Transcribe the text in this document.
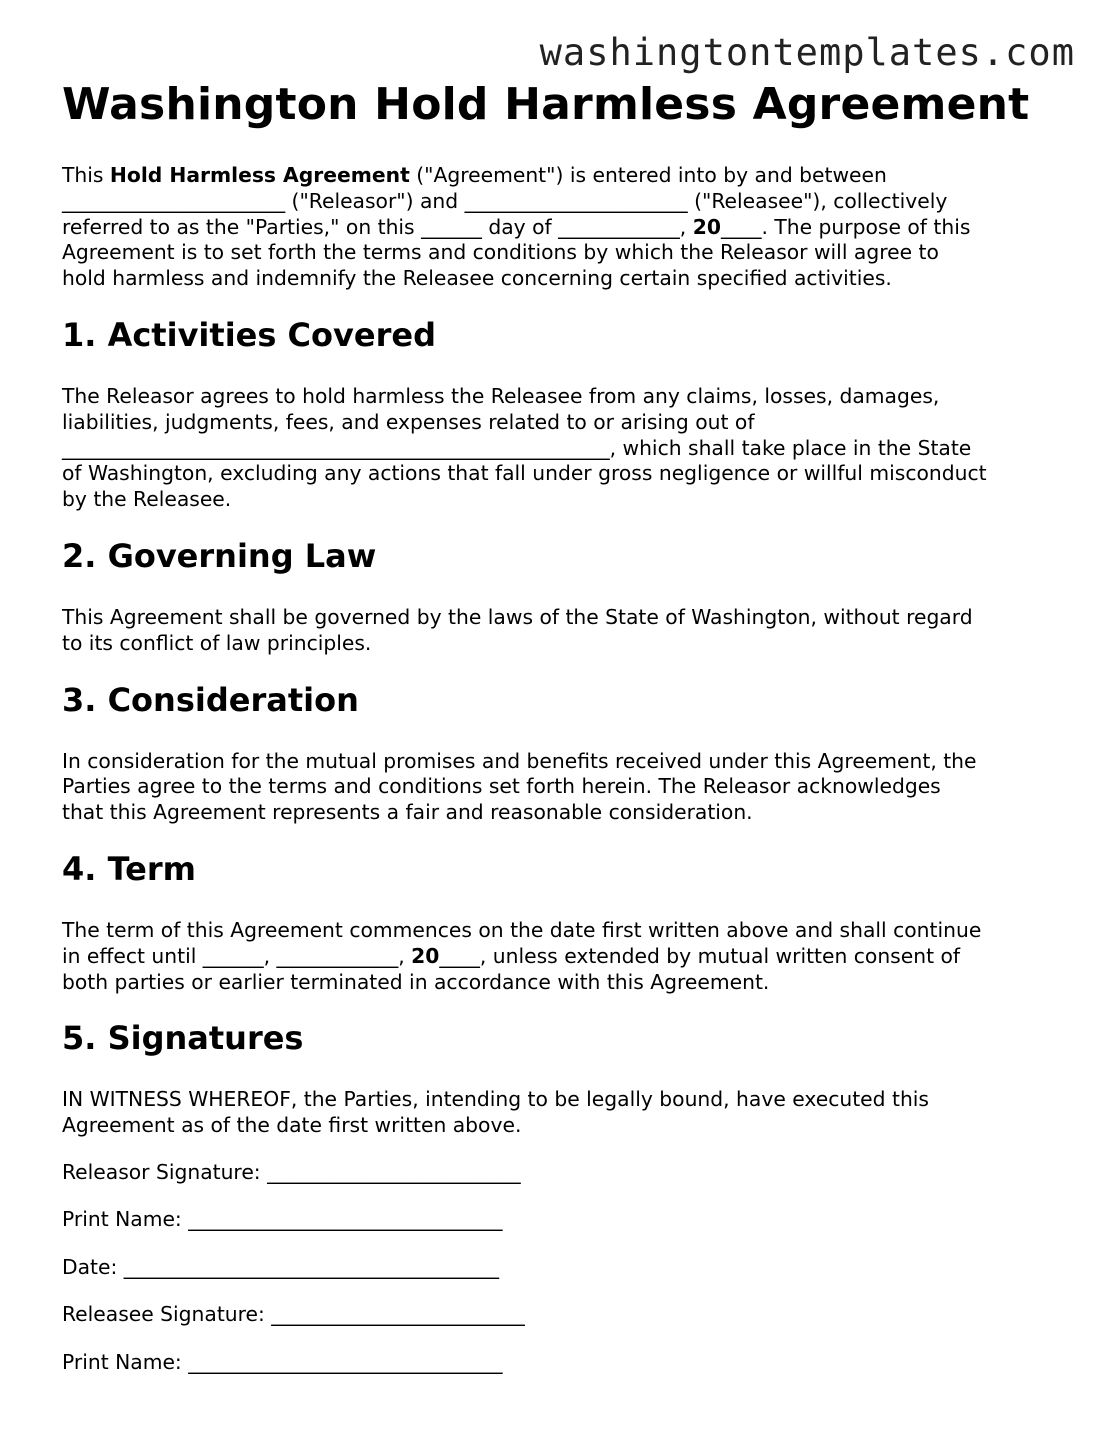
washingtontemplates.com
Washington Hold Harmless Agreement

This Hold Harmless Agreement ("Agreement") is entered into by and between
______________________ ("Releasor") and ______________________ ("Releasee"), collectively
referred to as the "Parties," on this ______ day of ____________, 20____. The purpose of this
Agreement is to set forth the terms and conditions by which the Releasor will agree to
hold harmless and indemnify the Releasee concerning certain specified activities.

1. Activities Covered

The Releasor agrees to hold harmless the Releasee from any claims, losses, damages,
liabilities, judgments, fees, and expenses related to or arising out of
______________________________________________________, which shall take place in the State
of Washington, excluding any actions that fall under gross negligence or willful misconduct
by the Releasee.

2. Governing Law

This Agreement shall be governed by the laws of the State of Washington, without regard
to its conflict of law principles.

3. Consideration

In consideration for the mutual promises and benefits received under this Agreement, the
Parties agree to the terms and conditions set forth herein. The Releasor acknowledges
that this Agreement represents a fair and reasonable consideration.

4. Term

The term of this Agreement commences on the date first written above and shall continue
in effect until ______, ____________, 20____, unless extended by mutual written consent of
both parties or earlier terminated in accordance with this Agreement.

5. Signatures

IN WITNESS WHEREOF, the Parties, intending to be legally bound, have executed this
Agreement as of the date first written above.

Releasor Signature: _________________________
Print Name: _______________________________
Date: _____________________________________
Releasee Signature: _________________________
Print Name: _______________________________
